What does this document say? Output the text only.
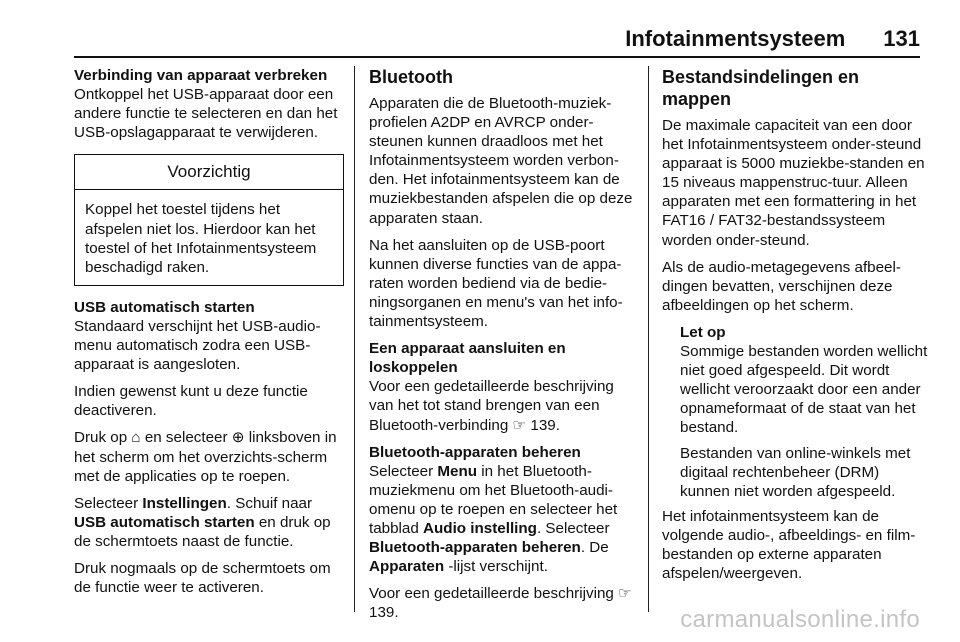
Infotainmentsysteem 131
Verbinding van apparaat verbreken

Ontkoppel het USB-apparaat door een andere functie te selecteren en dan het USB-opslagapparaat te verwijderen.

Voorzichtig
Koppel het toestel tijdens het afspelen niet los. Hierdoor kan het toestel of het Infotainmentsysteem beschadigd raken.
USB automatisch starten

Standaard verschijnt het USB-audio-menu automatisch zodra een USB-apparaat is aangesloten.

Indien gewenst kunt u deze functie deactiveren.

Druk op ⌂ en selecteer ⊕ linksboven in het scherm om het overzichts-scherm met de applicaties op te roepen.

Selecteer Instellingen. Schuif naar USB automatisch starten en druk op de schermtoets naast de functie.

Druk nogmaals op de schermtoets om de functie weer te activeren.

Bluetooth

Apparaten die de Bluetooth-muziek-profielen A2DP en AVRCP onder-steunen kunnen draadloos met het Infotainmentsysteem worden verbon-den. Het infotainmentsysteem kan de muziekbestanden afspelen die op deze apparaten staan.

Na het aansluiten op de USB-poort kunnen diverse functies van de appa-raten worden bediend via de bedie-ningsorganen en menu's van het info-tainmentsysteem.

Een apparaat aansluiten en loskoppelen

Voor een gedetailleerde beschrijving van het tot stand brengen van een Bluetooth-verbinding ☞ 139.

Bluetooth-apparaten beheren

Selecteer Menu in het Bluetooth-muziekmenu om het Bluetooth-audi-omenu op te roepen en selecteer het tabblad Audio instelling. Selecteer Bluetooth-apparaten beheren. De Apparaten -lijst verschijnt.

Voor een gedetailleerde beschrijving ☞ 139.

Bestandsindelingen en mappen

De maximale capaciteit van een door het Infotainmentsysteem onder-steund apparaat is 5000 muziekbe-standen en 15 niveaus mappenstruc-tuur. Alleen apparaten met een formattering in het FAT16 / FAT32-bestandssysteem worden onder-steund.

Als de audio-metagegevens afbeel-dingen bevatten, verschijnen deze afbeeldingen op het scherm.

Let op

Sommige bestanden worden wellicht niet goed afgespeeld. Dit wordt wellicht veroorzaakt door een ander opnameformaat of de staat van het bestand.

Bestanden van online-winkels met digitaal rechtenbeheer (DRM) kunnen niet worden afgespeeld.

Het infotainmentsysteem kan de volgende audio-, afbeeldings- en film-bestanden op externe apparaten afspelen/weergeven.

carmanualsonline.info
